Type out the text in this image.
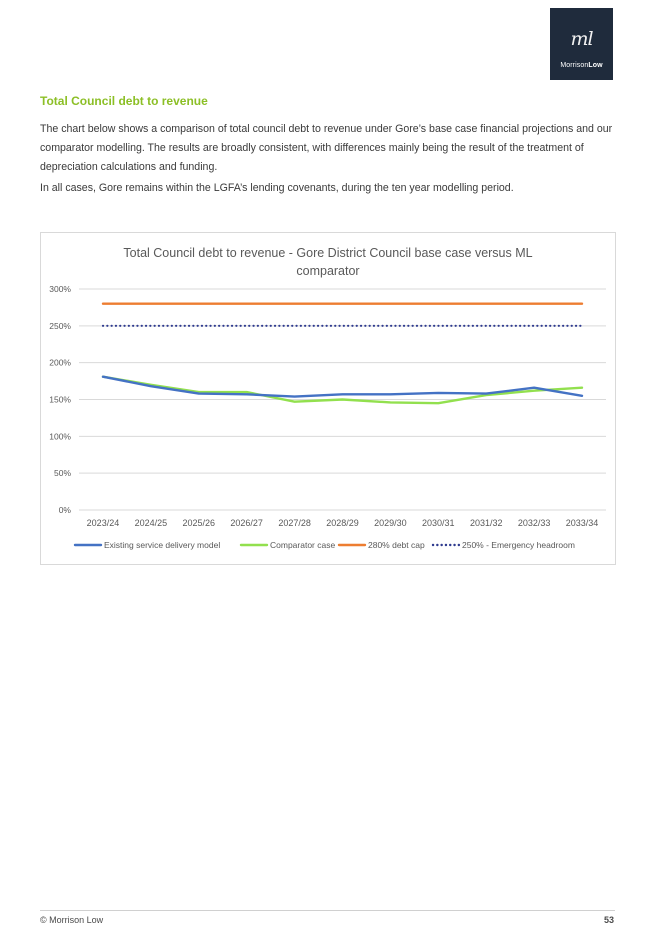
ml
MorrisonLow
Total Council debt to revenue

The chart below shows a comparison of total council debt to revenue under Gore’s base case financial projections and our comparator modelling. The results are broadly consistent, with differences mainly being the result of the treatment of depreciation calculations and funding.

In all cases, Gore remains within the LGFA’s lending covenants, during the ten year modelling period.

Total Council debt to revenue - Gore District Council base case versus ML
comparator
0%
50%
100%
150%
200%
250%
300%
2023/24 2024/25 2025/26 2026/27 2027/28 2028/29 2029/30 2030/31 2031/32 2032/33 2033/34
Existing service delivery model	Comparator case	280% debt cap	250% - Emergency headroom
© Morrison Low	53
